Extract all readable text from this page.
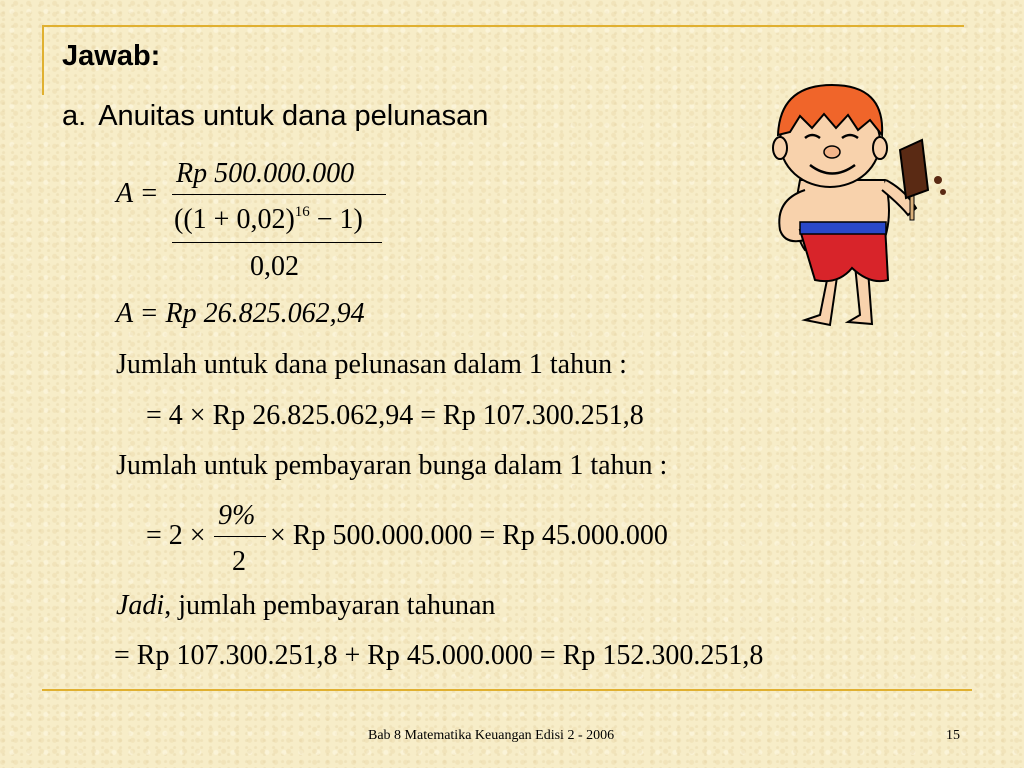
Jawab:
a. Anuitas untuk dana pelunasan
A =
Rp 500.000.000
$((1 + 0,02)^{16} - 1)$
0,02
A = Rp 26.825.062,94
Jumlah untuk dana pelunasan dalam 1 tahun :
= 4 × Rp 26.825.062,94 = Rp 107.300.251,8
Jumlah untuk pembayaran bunga dalam 1 tahun :
= 2 ×
9%
2
× Rp 500.000.000 = Rp 45.000.000
Jadi, jumlah pembayaran tahunan
= Rp 107.300.251,8 + Rp 45.000.000 = Rp 152.300.251,8
Bab 8 Matematika Keuangan Edisi 2 - 2006	15
